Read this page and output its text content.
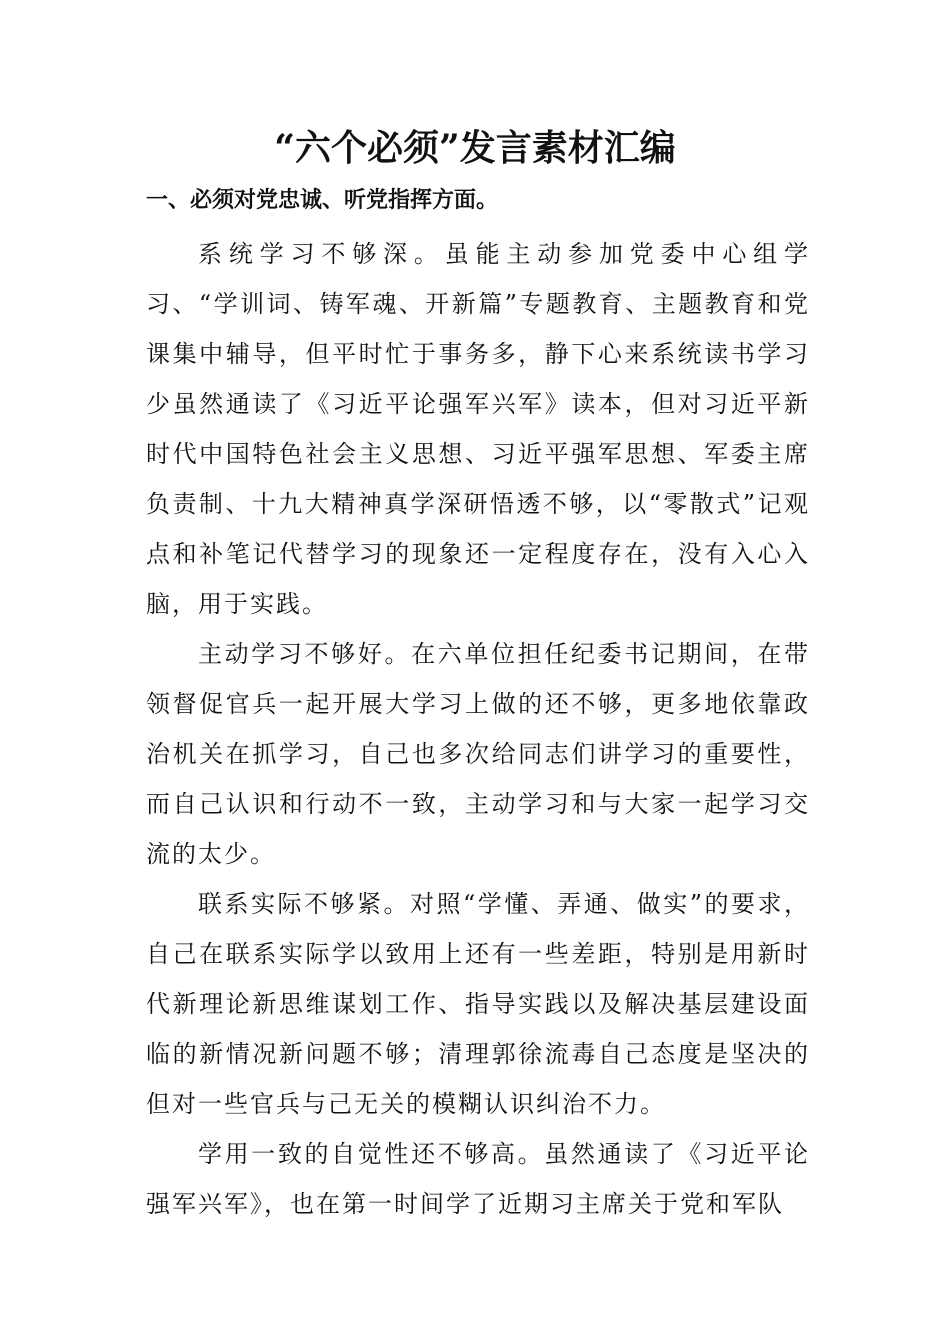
“六个必须”发言素材汇编
一、必须对党忠诚、听党指挥方面。

系统学习不够深。虽能主动参加党委中心组学习、“学训词、铸军魂、开新篇”专题教育、主题教育和党课集中辅导，但平时忙于事务多，静下心来系统读书学习少虽然通读了《习近平论强军兴军》读本，但对习近平新时代中国特色社会主义思想、习近平强军思想、军委主席负责制、十九大精神真学深研悟透不够，以“零散式”记观点和补笔记代替学习的现象还一定程度存在，没有入心入脑，用于实践。

主动学习不够好。在六单位担任纪委书记期间，在带领督促官兵一起开展大学习上做的还不够，更多地依靠政治机关在抓学习，自己也多次给同志们讲学习的重要性，而自己认识和行动不一致，主动学习和与大家一起学习交流的太少。

联系实际不够紧。对照“学懂、弄通、做实”的要求，自己在联系实际学以致用上还有一些差距，特别是用新时代新理论新思维谋划工作、指导实践以及解决基层建设面临的新情况新问题不够；清理郭徐流毒自己态度是坚决的但对一些官兵与己无关的模糊认识纠治不力。

学用一致的自觉性还不够高。虽然通读了《习近平论强军兴军》，也在第一时间学了近期习主席关于党和军队
